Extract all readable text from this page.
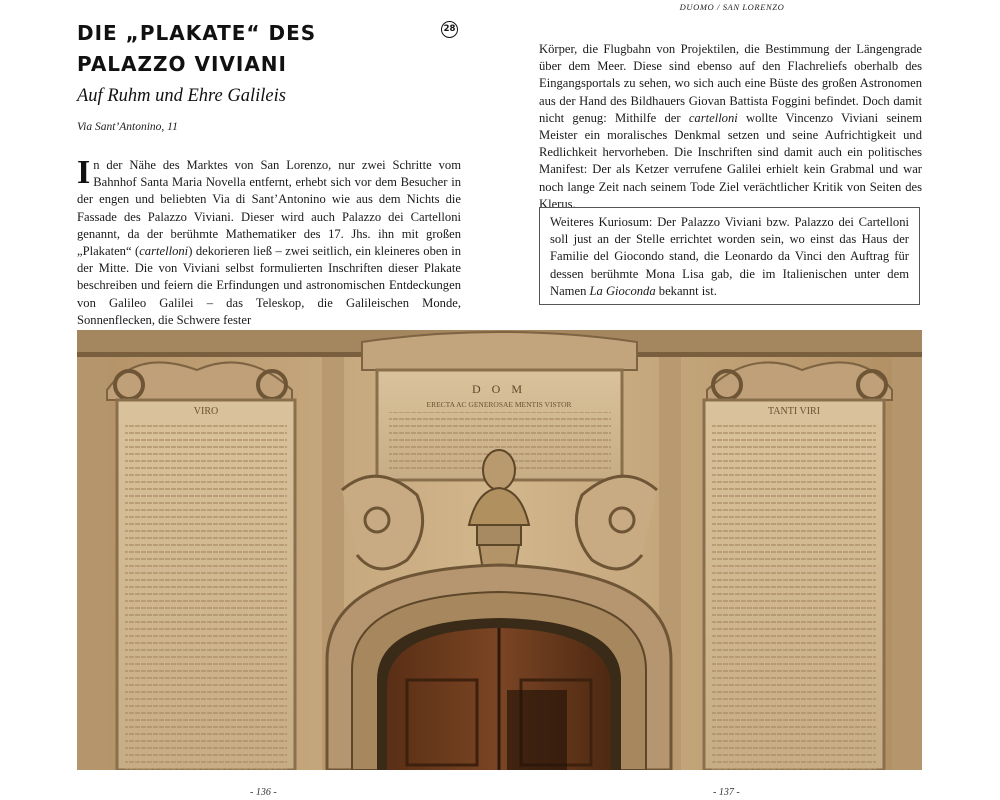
DUOMO / SAN LORENZO
DIE „PLAKATE“ DES
PALAZZO VIVIANI
28
Auf Ruhm und Ehre Galileis
Via Sant’Antonino, 11

In der Nähe des Marktes von San Lorenzo, nur zwei Schritte vom Bahnhof Santa Maria Novella entfernt, erhebt sich vor dem Besucher in der engen und beliebten Via di Sant’Antonino wie aus dem Nichts die Fassade des Palazzo Viviani. Dieser wird auch Palazzo dei Cartelloni genannt, da der berühmte Mathematiker des 17. Jhs. ihn mit großen „Plakaten“ (cartelloni) dekorieren ließ – zwei seitlich, ein kleineres oben in der Mitte. Die von Viviani selbst formulierten Inschriften dieser Plakate beschreiben und feiern die Erfindungen und astronomischen Entdeckungen von Galileo Galilei – das Teleskop, die Galileischen Monde, Sonnenflecken, die Schwere fester

Körper, die Flugbahn von Projektilen, die Bestimmung der Längengrade über dem Meer. Diese sind ebenso auf den Flachreliefs oberhalb des Eingangsportals zu sehen, wo sich auch eine Büste des großen Astronomen aus der Hand des Bildhauers Giovan Battista Foggini befindet. Doch damit nicht genug: Mithilfe der cartelloni wollte Vincenzo Viviani seinem Meister ein moralisches Denkmal setzen und seine Aufrichtigkeit und Redlichkeit hervorheben. Die Inschriften sind damit auch ein politisches Manifest: Der als Ketzer verrufene Galilei erhielt kein Grabmal und war noch lange Zeit nach seinem Tode Ziel verächtlicher Kritik von Seiten des Klerus.

Weiteres Kuriosum: Der Palazzo Viviani bzw. Palazzo dei Cartelloni soll just an der Stelle errichtet worden sein, wo einst das Haus der Familie del Giocondo stand, die Leonardo da Vinci den Auftrag für dessen berühmte Mona Lisa gab, die im Italienischen unter dem Namen La Gioconda bekannt ist.
VIRO	TANTI VIRI
D O M
ERECTA AC GENEROSAE MENTIS VISTOR
- 136 -	- 137 -
